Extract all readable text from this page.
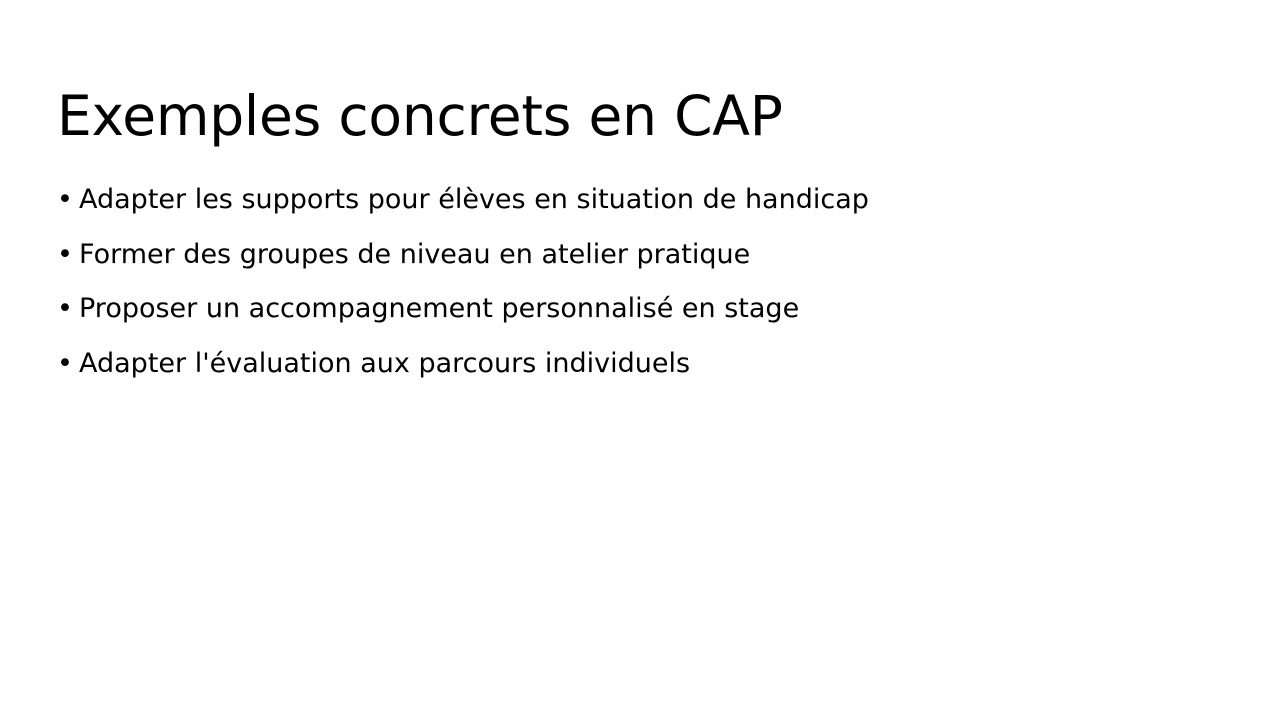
Exemples concrets en CAP
• Adapter les supports pour élèves en situation de handicap
• Former des groupes de niveau en atelier pratique
• Proposer un accompagnement personnalisé en stage
• Adapter l'évaluation aux parcours individuels
